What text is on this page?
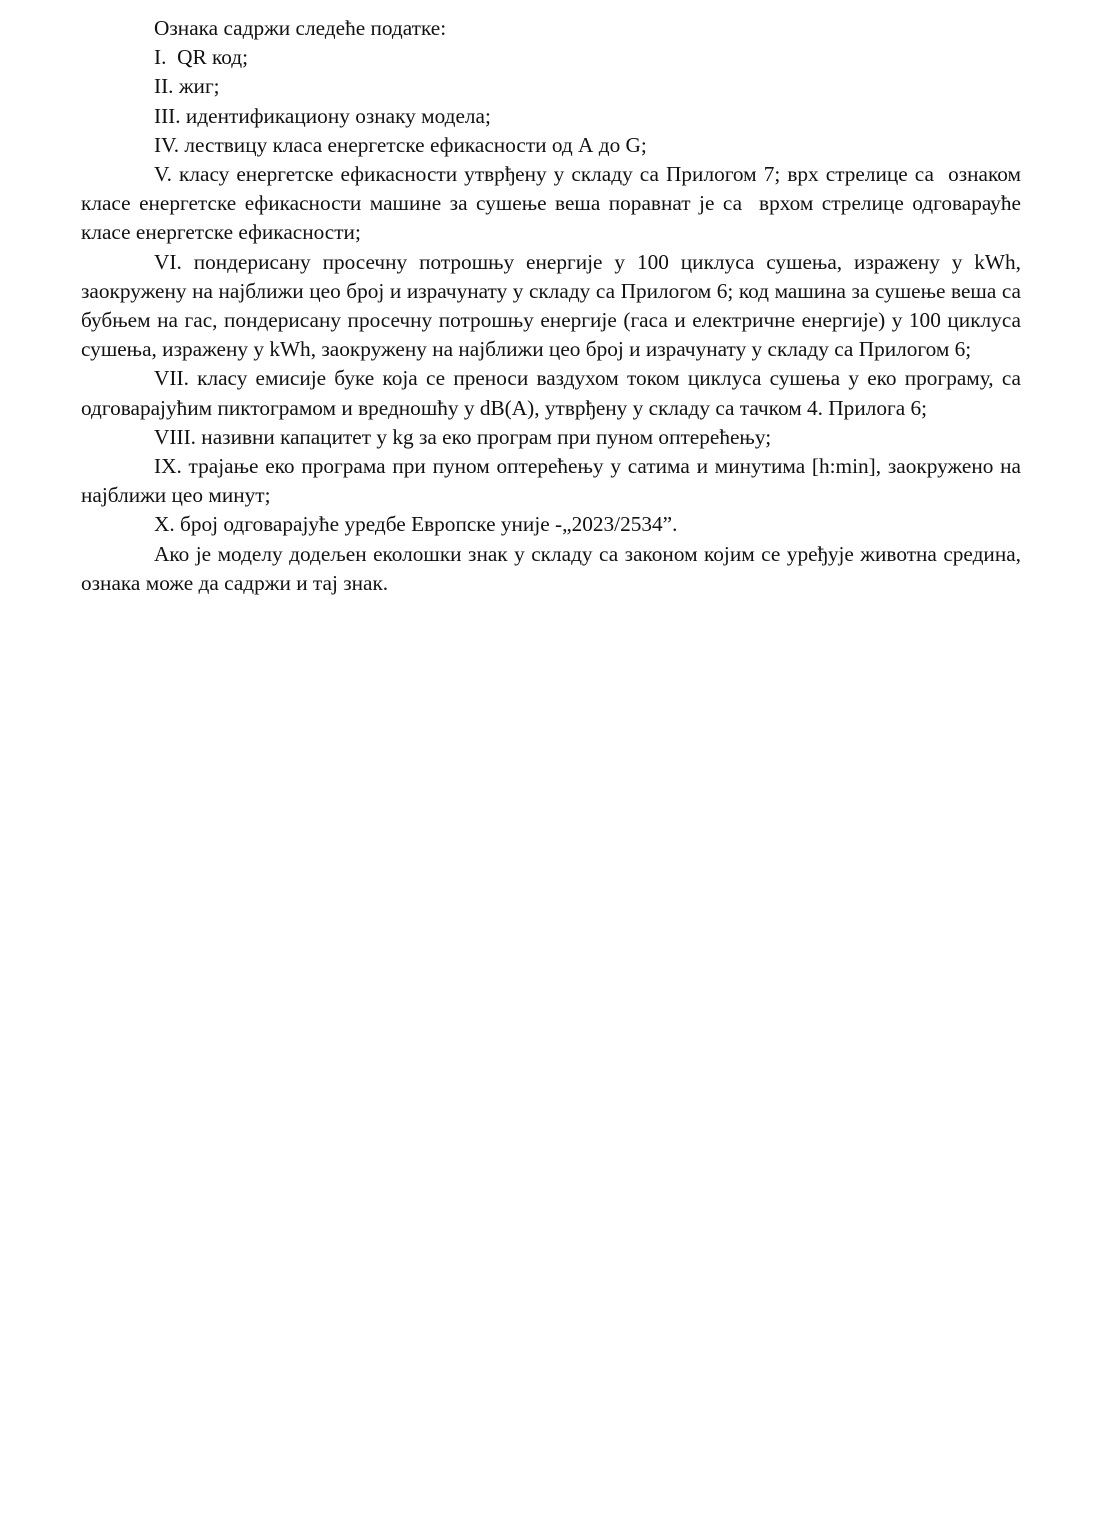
Ознака садржи следеће податке:

I.  QR код;

II. жиг;

III. идентификациону ознаку модела;

IV. лествицу класа енергетске ефикасности од А до G;

V. класу енергетске ефикасности утврђену у складу са Прилогом 7; врх стрелице са  ознаком класе енергетске ефикасности машине за сушење веша поравнат је са  врхом стрелице одговарауће класе енергетске ефикасности;

VI. пондерисану просечну потрошњу енергије у 100 циклуса сушења, изражену у kWh, заокружену на најближи цео број и израчунату у складу са Прилогом 6; код машина за сушење веша са бубњем на гас, пондерисану просечну потрошњу енергије (гаса и електричне енергије) у 100 циклуса сушења, изражену у kWh, заокружену на најближи цео број и израчунату у складу са Прилогом 6;

VII. класу емисије буке која се преноси ваздухом током циклуса сушења у еко програму, са одговарајућим пиктограмом и вредношћу у dB(A), утврђену у складу са тачком 4. Прилога 6;

VIII. називни капацитет у kg за еко програм при пуном оптерећењу;

IX. трајање еко програма при пуном оптерећењу у сатима и минутима [h:min], заокружено на најближи цео минут;

X. број одговарајуће уредбе Европске уније -„2023/2534”.

Ако је моделу додељен еколошки знак у складу са законом којим се уређује животна средина, ознака може да садржи и тај знак.
